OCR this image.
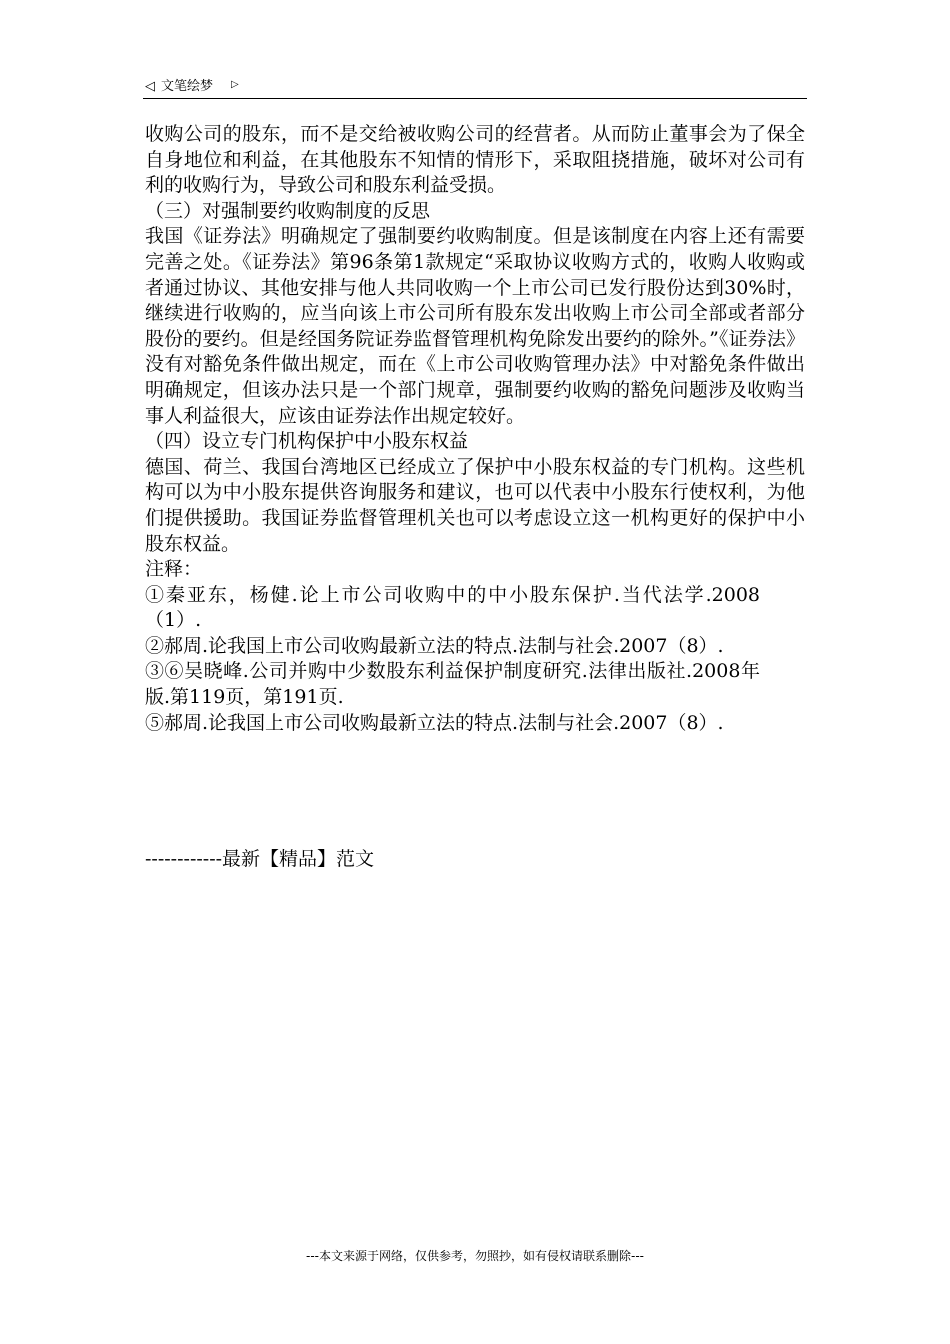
◁ 文笔绘梦 ▷

收购公司的股东，而不是交给被收购公司的经营者。从而防止董事会为了保全自身地位和利益，在其他股东不知情的情形下，采取阻挠措施，破坏对公司有利的收购行为，导致公司和股东利益受损。

（三）对强制要约收购制度的反思

我国《证券法》明确规定了强制要约收购制度。但是该制度在内容上还有需要完善之处。《证券法》第96条第1款规定“采取协议收购方式的，收购人收购或者通过协议、其他安排与他人共同收购一个上市公司已发行股份达到30%时，继续进行收购的，应当向该上市公司所有股东发出收购上市公司全部或者部分股份的要约。但是经国务院证券监督管理机构免除发出要约的除外。”《证券法》没有对豁免条件做出规定，而在《上市公司收购管理办法》中对豁免条件做出明确规定，但该办法只是一个部门规章，强制要约收购的豁免问题涉及收购当事人利益很大，应该由证券法作出规定较好。

（四）设立专门机构保护中小股东权益

德国、荷兰、我国台湾地区已经成立了保护中小股东权益的专门机构。这些机构可以为中小股东提供咨询服务和建议，也可以代表中小股东行使权利，为他们提供援助。我国证券监督管理机关也可以考虑设立这一机构更好的保护中小股东权益。

注释：

①秦亚东，杨健.论上市公司收购中的中小股东保护.当代法学.2008（1）.

②郝周.论我国上市公司收购最新立法的特点.法制与社会.2007（8）.

③⑥吴晓峰.公司并购中少数股东利益保护制度研究.法律出版社.2008年版.第119页，第191页.

⑤郝周.论我国上市公司收购最新立法的特点.法制与社会.2007（8）.

------------最新【精品】范文
---本文来源于网络，仅供参考，勿照抄，如有侵权请联系删除---
